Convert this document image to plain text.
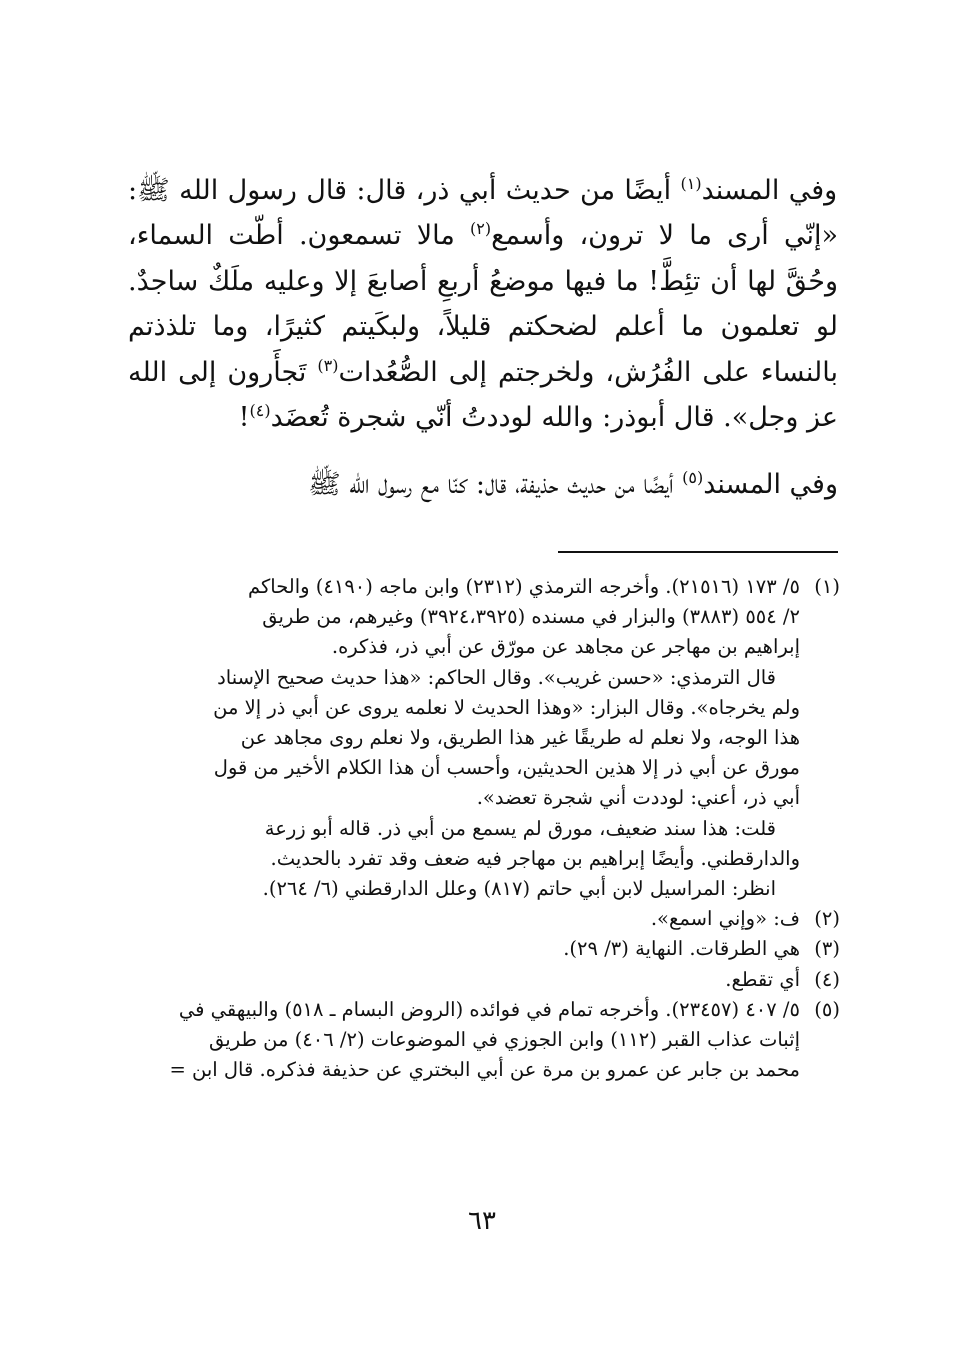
وفي المسند$^{(١)}$ أيضًا من حديث أبي ذر، قال: قال رسول الله ﷺ: «إنّي أرى ما لا ترون، وأسمع$^{(٢)}$ مالا تسمعون. أطّت السماء، وحُقَّ لها أن تئِطَّ! ما فيها موضعُ أربعِ أصابعَ إلا وعليه ملَكٌ ساجدٌ. لو تعلمون ما أعلم لضحكتم قليلاً، ولبكَيتم كثيرًا، وما تلذذتم بالنساء على الفُرُش، ولخرجتم إلى الصُّعُدات$^{(٣)}$ تَجأَرون إلى الله عز وجل». قال أبوذر: والله لوددتُ أنّي شجرة تُعضَد$^{(٤)}$!

وفي المسند$^{(٥)}$ أيضًا من حديث حذيفة، قال: كنّا مع رسول الله ﷺ

(١)
٥/ ١٧٣ (٢١٥١٦). وأخرجه الترمذي (٢٣١٢) وابن ماجه (٤١٩٠) والحاكم
٢/ ٥٥٤ (٣٨٨٣) والبزار في مسنده (٣٩٢٤،٣٩٢٥) وغيرهم، من طريق
إبراهيم بن مهاجر عن مجاهد عن مورّق عن أبي ذر، فذكره.
قال الترمذي: «حسن غريب». وقال الحاكم: «هذا حديث صحيح الإسناد
ولم يخرجاه». وقال البزار: «وهذا الحديث لا نعلمه يروى عن أبي ذر إلا من
هذا الوجه، ولا نعلم له طريقًا غير هذا الطريق، ولا نعلم روى مجاهد عن
مورق عن أبي ذر إلا هذين الحديثين، وأحسب أن هذا الكلام الأخير من قول
أبي ذر، أعني: لوددت أني شجرة تعضد».
قلت: هذا سند ضعيف، مورق لم يسمع من أبي ذر. قاله أبو زرعة
والدارقطني. وأيضًا إبراهيم بن مهاجر فيه ضعف وقد تفرد بالحديث.
انظر: المراسيل لابن أبي حاتم (٨١٧) وعلل الدارقطني (٦/ ٢٦٤).
(٢)
ف: «وإني اسمع».
(٣)
هي الطرقات. النهاية (٣/ ٢٩).
(٤)
أي تقطع.
(٥)
٥/ ٤٠٧ (٢٣٤٥٧). وأخرجه تمام في فوائده (الروض البسام ـ ٥١٨) والبيهقي في
إثبات عذاب القبر (١١٢) وابن الجوزي في الموضوعات (٢/ ٤٠٦) من طريق
محمد بن جابر عن عمرو بن مرة عن أبي البختري عن حذيفة فذكره. قال ابن =
٦٣
